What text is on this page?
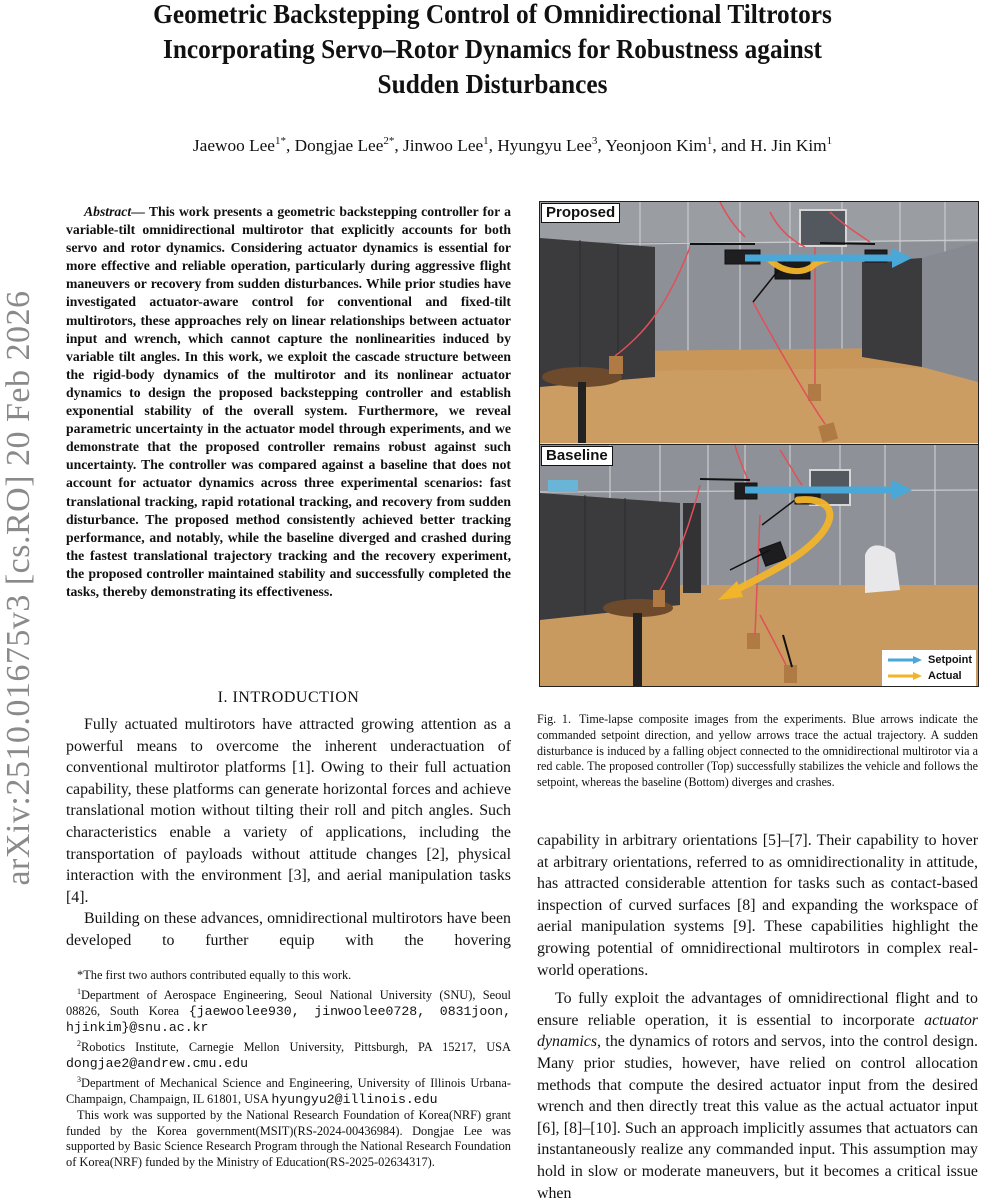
arXiv:2510.01675v3 [cs.RO] 20 Feb 2026
Geometric Backstepping Control of Omnidirectional Tiltrotors Incorporating Servo–Rotor Dynamics for Robustness against Sudden Disturbances
Jaewoo Lee$^{1*}$, Dongjae Lee$^{2*}$, Jinwoo Lee$^1$, Hyungyu Lee$^3$, Yeonjoon Kim$^1$, and H. Jin Kim$^1$
Abstract— This work presents a geometric backstepping controller for a variable-tilt omnidirectional multirotor that explicitly accounts for both servo and rotor dynamics. Considering actuator dynamics is essential for more effective and reliable operation, particularly during aggressive flight maneuvers or recovery from sudden disturbances. While prior studies have investigated actuator-aware control for conventional and fixed-tilt multirotors, these approaches rely on linear relationships between actuator input and wrench, which cannot capture the nonlinearities induced by variable tilt angles. In this work, we exploit the cascade structure between the rigid-body dynamics of the multirotor and its nonlinear actuator dynamics to design the proposed backstepping controller and establish exponential stability of the overall system. Furthermore, we reveal parametric uncertainty in the actuator model through experiments, and we demonstrate that the proposed controller remains robust against such uncertainty. The controller was compared against a baseline that does not account for actuator dynamics across three experimental scenarios: fast translational tracking, rapid rotational tracking, and recovery from sudden disturbance. The proposed method consistently achieved better tracking performance, and notably, while the baseline diverged and crashed during the fastest translational trajectory tracking and the recovery experiment, the proposed controller maintained stability and successfully completed the tasks, thereby demonstrating its effectiveness.
I. INTRODUCTION

Fully actuated multirotors have attracted growing attention as a powerful means to overcome the inherent underactuation of conventional multirotor platforms [1]. Owing to their full actuation capability, these platforms can generate horizontal forces and achieve translational motion without tilting their roll and pitch angles. Such characteristics enable a variety of applications, including the transportation of payloads without attitude changes [2], physical interaction with the environment [3], and aerial manipulation tasks [4].

Building on these advances, omnidirectional multirotors have been developed to further equip with the hovering

*The first two authors contributed equally to this work.

$^1$Department of Aerospace Engineering, Seoul National University (SNU), Seoul 08826, South Korea {jaewoolee930, jinwoolee0728, 0831joon, hjinkim}@snu.ac.kr

$^2$Robotics Institute, Carnegie Mellon University, Pittsburgh, PA 15217, USA dongjae2@andrew.cmu.edu

$^3$Department of Mechanical Science and Engineering, University of Illinois Urbana-Champaign, Champaign, IL 61801, USA hyungyu2@illinois.edu

This work was supported by the National Research Foundation of Korea(NRF) grant funded by the Korea government(MSIT)(RS-2024-00436984). Dongjae Lee was supported by Basic Science Research Program through the National Research Foundation of Korea(NRF) funded by the Ministry of Education(RS-2025-02634317).

Proposed
Baseline
Setpoint
Actual
Fig. 1. Time-lapse composite images from the experiments. Blue arrows indicate the commanded setpoint direction, and yellow arrows trace the actual trajectory. A sudden disturbance is induced by a falling object connected to the omnidirectional multirotor via a red cable. The proposed controller (Top) successfully stabilizes the vehicle and follows the setpoint, whereas the baseline (Bottom) diverges and crashes.

capability in arbitrary orientations [5]–[7]. Their capability to hover at arbitrary orientations, referred to as omnidirectionality in attitude, has attracted considerable attention for tasks such as contact-based inspection of curved surfaces [8] and expanding the workspace of aerial manipulation systems [9]. These capabilities highlight the growing potential of omnidirectional multirotors in complex real-world operations.

To fully exploit the advantages of omnidirectional flight and to ensure reliable operation, it is essential to incorporate actuator dynamics, the dynamics of rotors and servos, into the control design. Many prior studies, however, have relied on control allocation methods that compute the desired actuator input from the desired wrench and then directly treat this value as the actual actuator input [6], [8]–[10]. Such an approach implicitly assumes that actuators can instantaneously realize any commanded input. This assumption may hold in slow or moderate maneuvers, but it becomes a critical issue when
